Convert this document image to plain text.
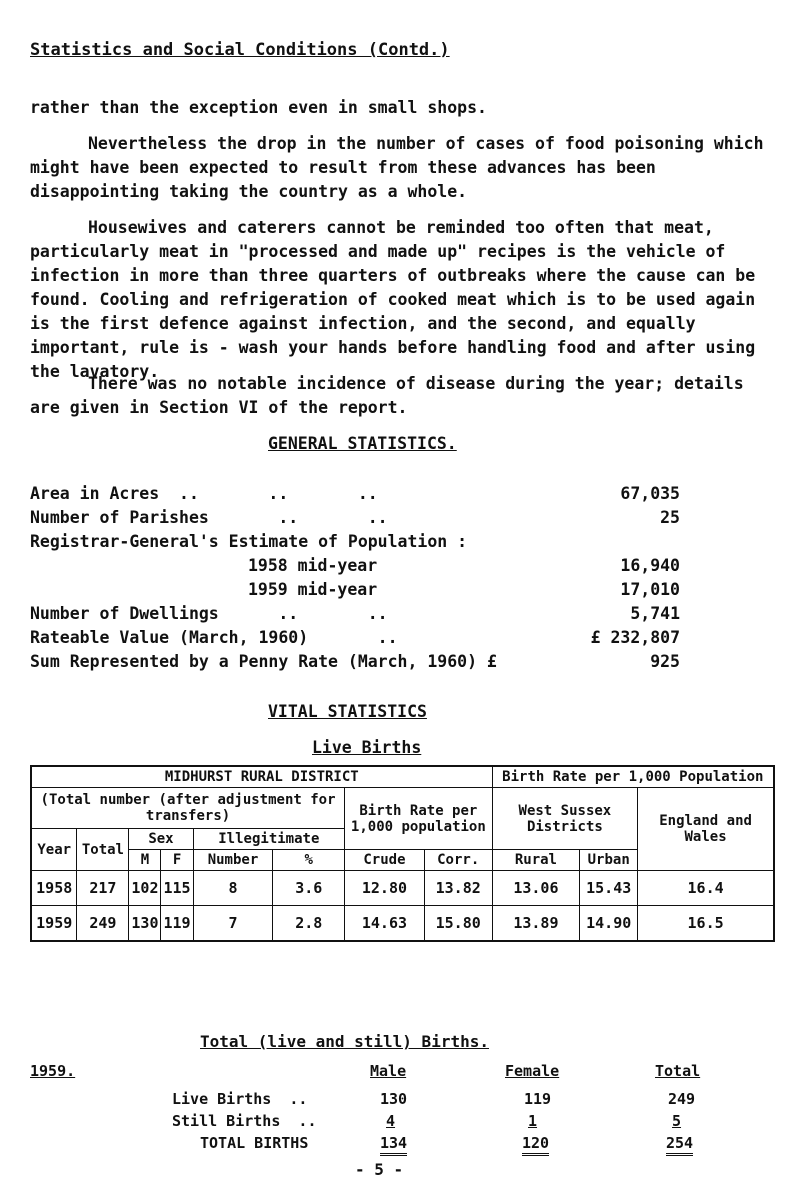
Statistics and Social Conditions (Contd.)
rather than the exception even in small shops.
Nevertheless the drop in the number of cases of food poisoning which might have been expected to result from these advances has been disappointing taking the country as a whole.
Housewives and caterers cannot be reminded too often that meat, particularly meat in "processed and made up" recipes is the vehicle of infection in more than three quarters of outbreaks where the cause can be found. Cooling and refrigeration of cooked meat which is to be used again is the first defence against infection, and the second, and equally important, rule is - wash your hands before handling food and after using the lavatory.
There was no notable incidence of disease during the year; details are given in Section VI of the report.
GENERAL STATISTICS.
Area in Acres  ..       ..       ..	67,035
Number of Parishes       ..       ..	25
Registrar-General's Estimate of Population :
1958 mid-year	16,940
1959 mid-year	17,010
Number of Dwellings      ..       ..	5,741
Rateable Value (March, 1960)       ..	£ 232,807
Sum Represented by a Penny Rate (March, 1960) £	925
VITAL STATISTICS
Live Births
MIDHURST RURAL DISTRICT								Birth Rate per 1,000 Population		
(Total number (after adjustment for transfers)						Birth Rate per 1,000 population		West Sussex Districts		England and Wales
Year	Total	Sex		Illegitimate						
		M	F	Number	%	Crude	Corr.	Rural	Urban	
1958	217	102	115	8	3.6	12.80	13.82	13.06	15.43	16.4
1959	249	130	119	7	2.8	14.63	15.80	13.89	14.90	16.5
Total (live and still) Births.
1959.	Male	Female	Total
Live Births  ..	130	119	249
Still Births  ..	4	1	5
TOTAL BIRTHS	134	120	254
- 5 -
